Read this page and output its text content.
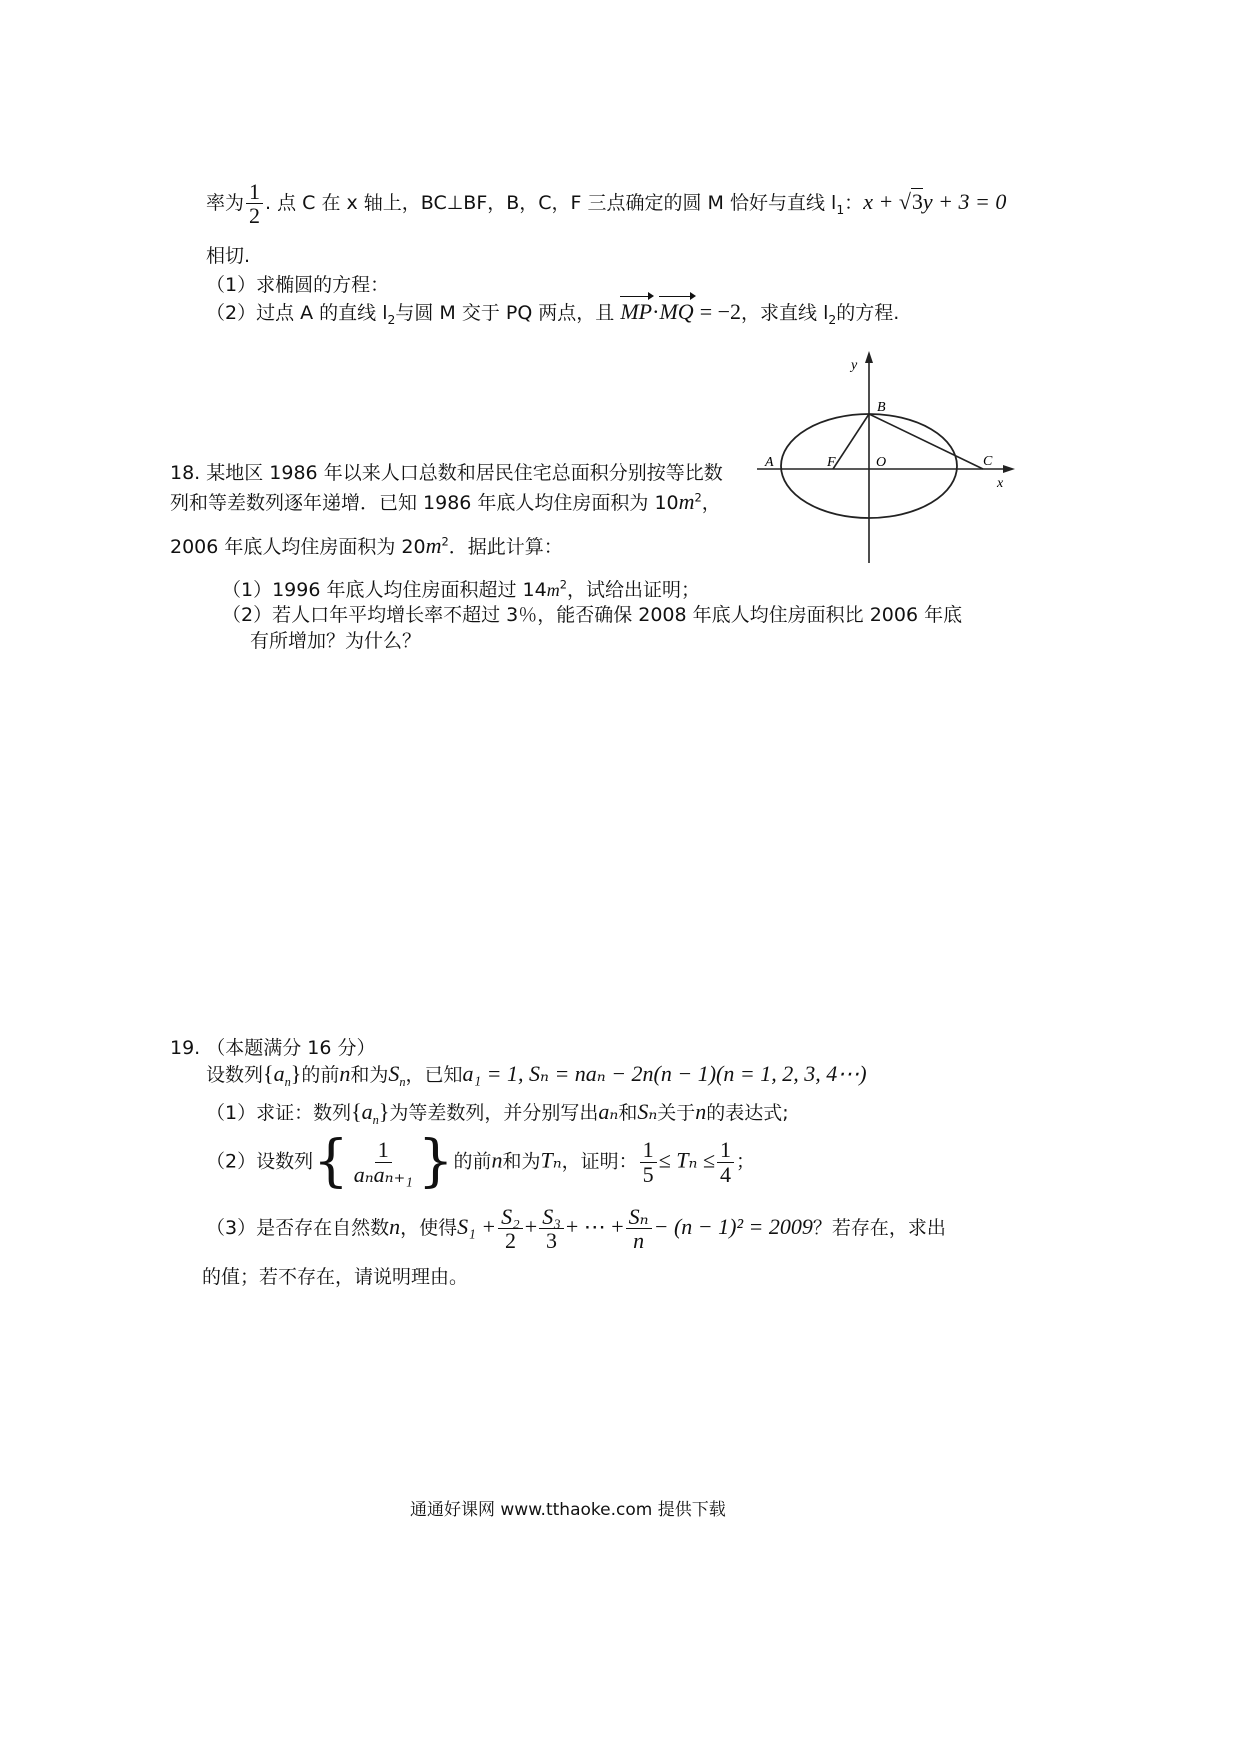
率为 $\frac{1}{2}$ . 点 C 在 x 轴上，BC⊥BF，B，C，F 三点确定的圆 M 恰好与直线 $l_1$：x + √3y + 3 = 0
相切.
（1）求椭圆的方程：
（2）过点 A 的直线 $l_2$与圆 M 交于 PQ 两点，且 MP·MQ = −2，求直线 $l_2$的方程.
y
B
A	F	O	C
x
18. 某地区 1986 年以来人口总数和居民住宅总面积分别按等比数
列和等差数列逐年递增．已知 1986 年底人均住房面积为 $10m^2$，
2006 年底人均住房面积为 $20m^2$．据此计算：
（1）1996 年底人均住房面积超过 $14m^2$，试给出证明；
（2）若人口年平均增长率不超过 3％，能否确保 2008 年底人均住房面积比 2006 年底
有所增加？为什么？
19. （本题满分 16 分）
设数列$\{a_n\}$的前n和为$S_n$，已知a₁ = 1, Sₙ = naₙ − 2n(n − 1)(n = 1, 2, 3, 4⋯)
（1）求证：数列$\{a_n\}$为等差数列，并分别写出aₙ和Sₙ关于n的表达式;
（2）设数列{ $\frac{1}{\text{aₙaₙ₊₁}}$ }的前n和为Tₙ，证明： $\frac{1}{5} \le T_n \le \frac{1}{4}$ ；
（3）是否存在自然数n，使得$S_1 + \frac{\text{S₂}}{2} + \frac{\text{S₃}}{3}$ + ⋯ + $\frac{\text{Sₙ}}{n} - (n - 1)^2 = 2009$？若存在，求出
的值；若不存在，请说明理由。
通通好课网 www.tthaoke.com 提供下载
